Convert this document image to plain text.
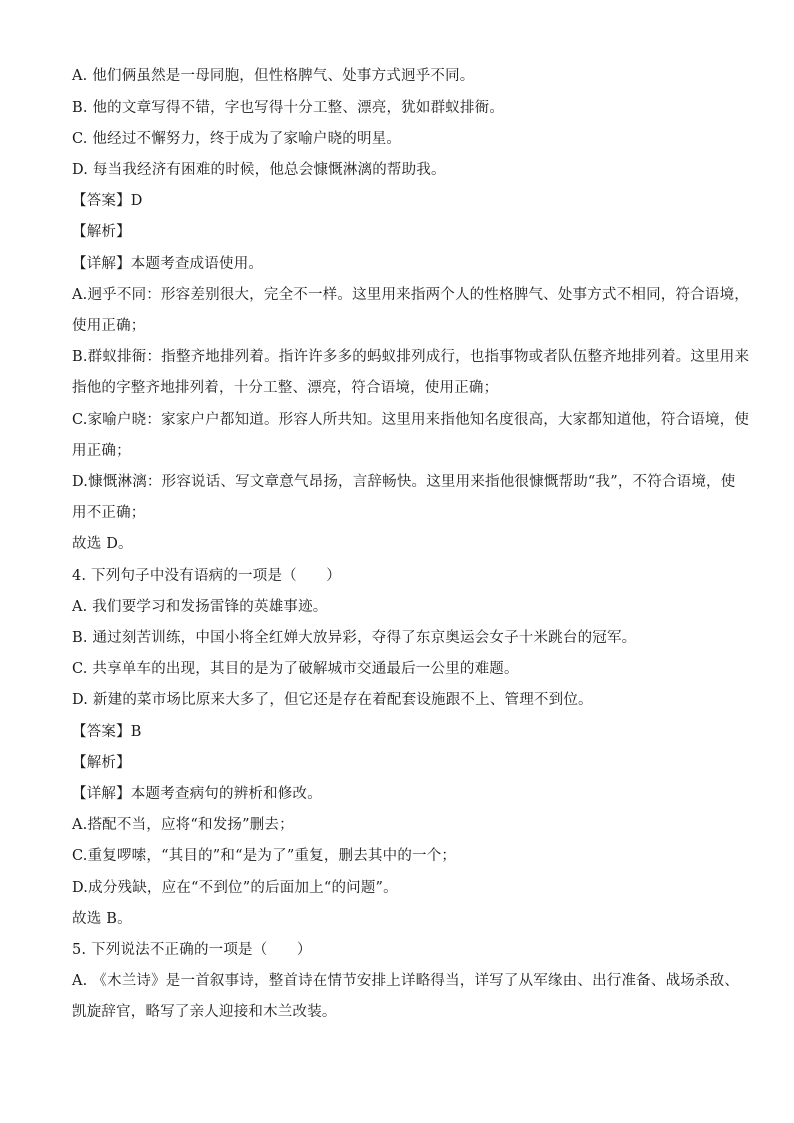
A. 他们俩虽然是一母同胞，但性格脾气、处事方式迥乎不同。
B. 他的文章写得不错，字也写得十分工整、漂亮，犹如群蚁排衙。
C. 他经过不懈努力，终于成为了家喻户晓的明星。
D. 每当我经济有困难的时候，他总会慷慨淋漓的帮助我。
【答案】D
【解析】
【详解】本题考查成语使用。
A.迥乎不同：形容差别很大，完全不一样。这里用来指两个人的性格脾气、处事方式不相同，符合语境，
使用正确；
B.群蚁排衙：指整齐地排列着。指许许多多的蚂蚁排列成行，也指事物或者队伍整齐地排列着。这里用来
指他的字整齐地排列着，十分工整、漂亮，符合语境，使用正确；
C.家喻户晓：家家户户都知道。形容人所共知。这里用来指他知名度很高，大家都知道他，符合语境，使
用正确；
D.慷慨淋漓：形容说话、写文章意气昂扬，言辞畅快。这里用来指他很慷慨帮助“我”，不符合语境，使
用不正确；
故选 D。
4. 下列句子中没有语病的一项是（　　）
A. 我们要学习和发扬雷锋的英雄事迹。
B. 通过刻苦训练，中国小将全红婵大放异彩，夺得了东京奥运会女子十米跳台的冠军。
C. 共享单车的出现，其目的是为了破解城市交通最后一公里的难题。
D. 新建的菜市场比原来大多了，但它还是存在着配套设施跟不上、管理不到位。
【答案】B
【解析】
【详解】本题考查病句的辨析和修改。
A.搭配不当，应将“和发扬”删去；
C.重复啰嗦，“其目的”和“是为了”重复，删去其中的一个；
D.成分残缺，应在“不到位”的后面加上“的问题”。
故选 B。
5. 下列说法不正确的一项是（　　）
A. 《木兰诗》是一首叙事诗，整首诗在情节安排上详略得当，详写了从军缘由、出行准备、战场杀敌、
凯旋辞官，略写了亲人迎接和木兰改装。
